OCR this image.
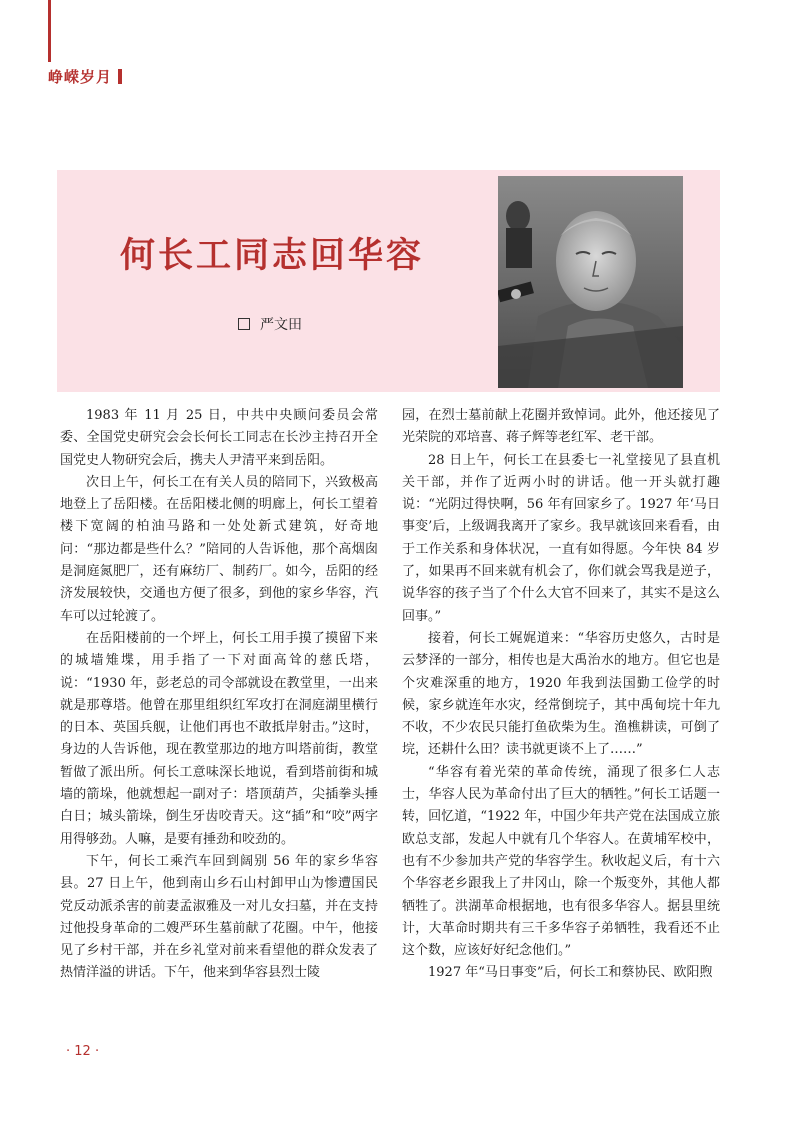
峥嵘岁月
何长工同志回华容
严文田

1983 年 11 月 25 日，中共中央顾问委员会常委、全国党史研究会会长何长工同志在长沙主持召开全国党史人物研究会后，携夫人尹清平来到岳阳。

次日上午，何长工在有关人员的陪同下，兴致极高地登上了岳阳楼。在岳阳楼北侧的明廊上，何长工望着楼下宽阔的柏油马路和一处处新式建筑，好奇地问：“那边都是些什么？”陪同的人告诉他，那个高烟囱是洞庭氮肥厂，还有麻纺厂、制药厂。如今，岳阳的经济发展较快，交通也方便了很多，到他的家乡华容，汽车可以过轮渡了。

在岳阳楼前的一个坪上，何长工用手摸了摸留下来的城墙雉堞，用手指了一下对面高耸的慈氏塔，说：“1930 年，彭老总的司令部就设在教堂里，一出来就是那尊塔。他曾在那里组织红军攻打在洞庭湖里横行的日本、英国兵舰，让他们再也不敢抵岸射击。”这时，身边的人告诉他，现在教堂那边的地方叫塔前街，教堂暂做了派出所。何长工意味深长地说，看到塔前街和城墙的箭垛，他就想起一副对子：塔顶葫芦，尖插拳头捶白日；城头箭垛，倒生牙齿咬青天。这“插”和“咬”两字用得够劲。人嘛，是要有捶劲和咬劲的。

下午，何长工乘汽车回到阔别 56 年的家乡华容县。27 日上午，他到南山乡石山村卸甲山为惨遭国民党反动派杀害的前妻孟淑雅及一对儿女扫墓，并在支持过他投身革命的二嫂严环生墓前献了花圈。中午，他接见了乡村干部，并在乡礼堂对前来看望他的群众发表了热情洋溢的讲话。下午，他来到华容县烈士陵

园，在烈士墓前献上花圈并致悼词。此外，他还接见了光荣院的邓培喜、蒋子辉等老红军、老干部。

28 日上午，何长工在县委七一礼堂接见了县直机关干部，并作了近两小时的讲话。他一开头就打趣说：“光阴过得快啊，56 年有回家乡了。1927 年‘马日事变’后，上级调我离开了家乡。我早就该回来看看，由于工作关系和身体状况，一直有如得愿。今年快 84 岁了，如果再不回来就有机会了，你们就会骂我是逆子，说华容的孩子当了个什么大官不回来了，其实不是这么回事。”

接着，何长工娓娓道来：“华容历史悠久，古时是云梦泽的一部分，相传也是大禹治水的地方。但它也是个灾难深重的地方，1920 年我到法国勤工俭学的时候，家乡就连年水灾，经常倒垸子，其中禹甸垸十年九不收，不少农民只能打鱼砍柴为生。渔樵耕读，可倒了垸，还耕什么田？读书就更谈不上了……”

“华容有着光荣的革命传统，涌现了很多仁人志士，华容人民为革命付出了巨大的牺牲。”何长工话题一转，回忆道，“1922 年，中国少年共产党在法国成立旅欧总支部，发起人中就有几个华容人。在黄埔军校中，也有不少参加共产党的华容学生。秋收起义后，有十六个华容老乡跟我上了井冈山，除一个叛变外，其他人都牺牲了。洪湖革命根据地，也有很多华容人。据县里统计，大革命时期共有三千多华容子弟牺牲，我看还不止这个数，应该好好纪念他们。”

1927 年“马日事变”后，何长工和蔡协民、欧阳煦

· 12 ·
